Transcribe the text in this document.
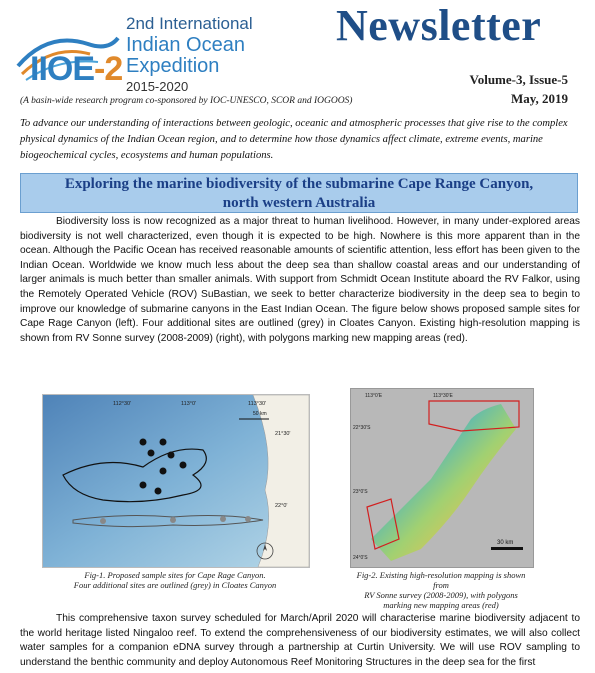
IIOE-2
2nd International
Indian Ocean
Expedition
2015-2020
Newsletter
Volume-3, Issue-5
May, 2019
(A basin-wide research program co-sponsored by IOC-UNESCO, SCOR and IOGOOS)
To advance our understanding of interactions between geologic, oceanic and atmospheric processes that give rise to the complex physical dynamics of the Indian Ocean region, and to determine how those dynamics affect climate, extreme events, marine biogeochemical cycles, ecosystems and human populations.
Exploring the marine biodiversity of the submarine Cape Range Canyon,
north western Australia

Biodiversity loss is now recognized as a major threat to human livelihood. However, in many under-explored areas biodiversity is not well characterized, even though it is expected to be high. Nowhere is this more apparent than in the ocean. Although the Pacific Ocean has received reasonable amounts of scientific attention, less effort has been given to the Indian Ocean. Worldwide we know much less about the deep sea than shallow coastal areas and our understanding of larger animals is much better than smaller animals. With support from Schmidt Ocean Institute aboard the RV Falkor, using the Remotely Operated Vehicle (ROV) SuBastian, we seek to better characterize biodiversity in the deep sea to begin to improve our knowledge of submarine canyons in the East Indian Ocean. The figure below shows proposed sample sites for Cape Rage Canyon (left). Four additional sites are outlined (grey) in Cloates Canyon. Existing high-resolution mapping is shown from RV Sonne survey (2008-2009) (right), with polygons marking new mapping areas (red).

112°30'	113°0'	113°30'
21°30'
22°0'
50 km
113°0'E	113°30'E
22°30'S
23°0'S
24°0'S
30 km
Fig-1. Proposed sample sites for Cape Rage Canyon.
Four additional sites are outlined (grey) in Cloates Canyon
Fig-2. Existing high-resolution mapping is shown from
RV Sonne survey (2008-2009), with polygons
marking new mapping areas (red)

This comprehensive taxon survey scheduled for March/April 2020 will characterise marine biodiversity adjacent to the world heritage listed Ningaloo reef. To extend the comprehensiveness of our biodiversity estimates, we will also collect water samples for a companion eDNA survey through a partnership at Curtin University. We will use ROV sampling to understand the benthic community and deploy Autonomous Reef Monitoring Structures in the deep sea for the first
